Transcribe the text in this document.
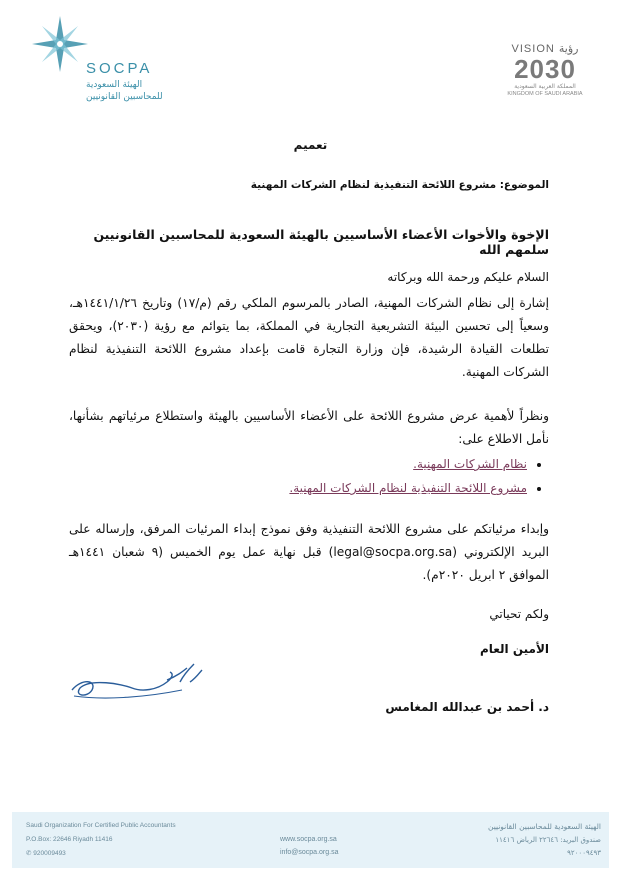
SOCPA
الهيئة السعودية
للمحاسبين القانونيين
VISION رؤية
2030
المملكة العربية السعودية
KINGDOM OF SAUDI ARABIA
تعميم
الموضوع: مشروع اللائحة التنفيذية لنظام الشركات المهنية
الإخوة والأخوات الأعضاء الأساسيين بالهيئة السعودية للمحاسبين القانونيين سلمهم الله
السلام عليكم ورحمة الله وبركاته
إشارة إلى نظام الشركات المهنية، الصادر بالمرسوم الملكي رقم (م/١٧) وتاريخ ١٤٤١/١/٢٦هـ، وسعياً إلى تحسين البيئة التشريعية التجارية في المملكة، بما يتوائم مع رؤية (٢٠٣٠)، ويحقق تطلعات القيادة الرشيدة، فإن وزارة التجارة قامت بإعداد مشروع اللائحة التنفيذية لنظام الشركات المهنية.
ونظراً لأهمية عرض مشروع اللائحة على الأعضاء الأساسيين بالهيئة واستطلاع مرئياتهم بشأنها، نأمل الاطلاع على:
• نظام الشركات المهنية.
• مشروع اللائحة التنفيذية لنظام الشركات المهنية.
وإبداء مرئياتكم على مشروع اللائحة التنفيذية وفق نموذج إبداء المرئيات المرفق، وإرساله على البريد الإلكتروني (legal@socpa.org.sa) قبل نهاية عمل يوم الخميس (٩ شعبان ١٤٤١هـ الموافق ٢ ابريل ٢٠٢٠م).
ولكم تحياتي
الأمين العام
د. أحمد بن عبدالله المغامس
Saudi Organization For Certified Public Accountants
P.O.Box: 22646 Riyadh 11416
✆ 920009493
www.socpa.org.sa
info@socpa.org.sa
الهيئة السعودية للمحاسبين القانونيين
صندوق البريد: ٢٢٦٤٦ الرياض ١١٤١٦
٩٢٠٠٠٩٤٩٣
